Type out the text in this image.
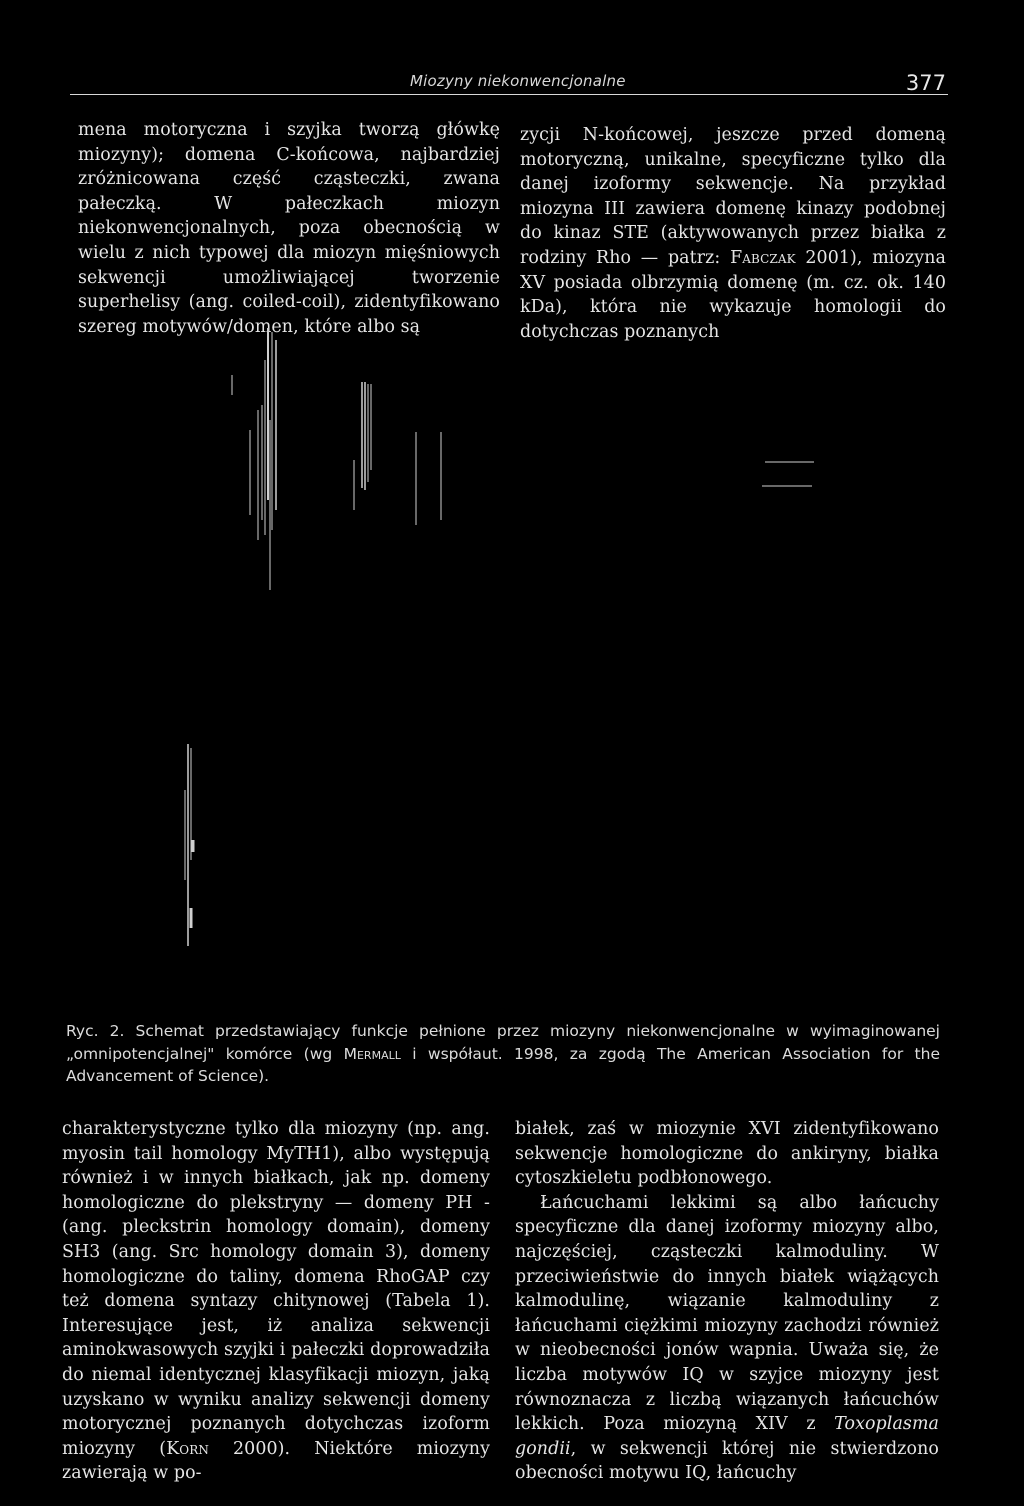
Miozyny niekonwencjonalne	377

mena motoryczna i szyjka tworzą główkę miozyny); domena C-końcowa, najbardziej zróżnicowana część cząsteczki, zwana pałeczką. W pałeczkach miozyn niekonwencjonalnych, poza obecnością w wielu z nich typowej dla miozyn mięśniowych sekwencji umożliwiającej tworzenie superhelisy (ang. coiled-coil), zidentyfikowano szereg motywów/domen, które albo są

zycji N-końcowej, jeszcze przed domeną motoryczną, unikalne, specyficzne tylko dla danej izoformy sekwencje. Na przykład miozyna III zawiera domenę kinazy podobnej do kinaz STE (aktywowanych przez białka z rodziny Rho — patrz: Fabczak 2001), miozyna XV posiada olbrzymią domenę (m. cz. ok. 140 kDa), która nie wykazuje homologii do dotychczas poznanych

Ryc. 2. Schemat przedstawiający funkcje pełnione przez miozyny niekonwencjonalne w wyimaginowanej „omnipotencjalnej" komórce (wg Mermall i współaut. 1998, za zgodą The American Association for the Advancement of Science).

charakterystyczne tylko dla miozyny (np. ang. myosin tail homology MyTH1), albo występują również i w innych białkach, jak np. domeny homologiczne do plekstryny — domeny PH - (ang. pleckstrin homology domain), domeny SH3 (ang. Src homology domain 3), domeny homologiczne do taliny, domena RhoGAP czy też domena syntazy chitynowej (Tabela 1). Interesujące jest, iż analiza sekwencji aminokwasowych szyjki i pałeczki doprowadziła do niemal identycznej klasyfikacji miozyn, jaką uzyskano w wyniku analizy sekwencji domeny motorycznej poznanych dotychczas izoform miozyny (Korn 2000). Niektóre miozyny zawierają w po-

białek, zaś w miozynie XVI zidentyfikowano sekwencje homologiczne do ankiryny, białka cytoszkieletu podbłonowego.

Łańcuchami lekkimi są albo łańcuchy specyficzne dla danej izoformy miozyny albo, najczęściej, cząsteczki kalmoduliny. W przeciwieństwie do innych białek wiążących kalmodulinę, wiązanie kalmoduliny z łańcuchami ciężkimi miozyny zachodzi również w nieobecności jonów wapnia. Uważa się, że liczba motywów IQ w szyjce miozyny jest równoznacza z liczbą wiązanych łańcuchów lekkich. Poza miozyną XIV z Toxoplasma gondii, w sekwencji której nie stwierdzono obecności motywu IQ, łańcuchy
